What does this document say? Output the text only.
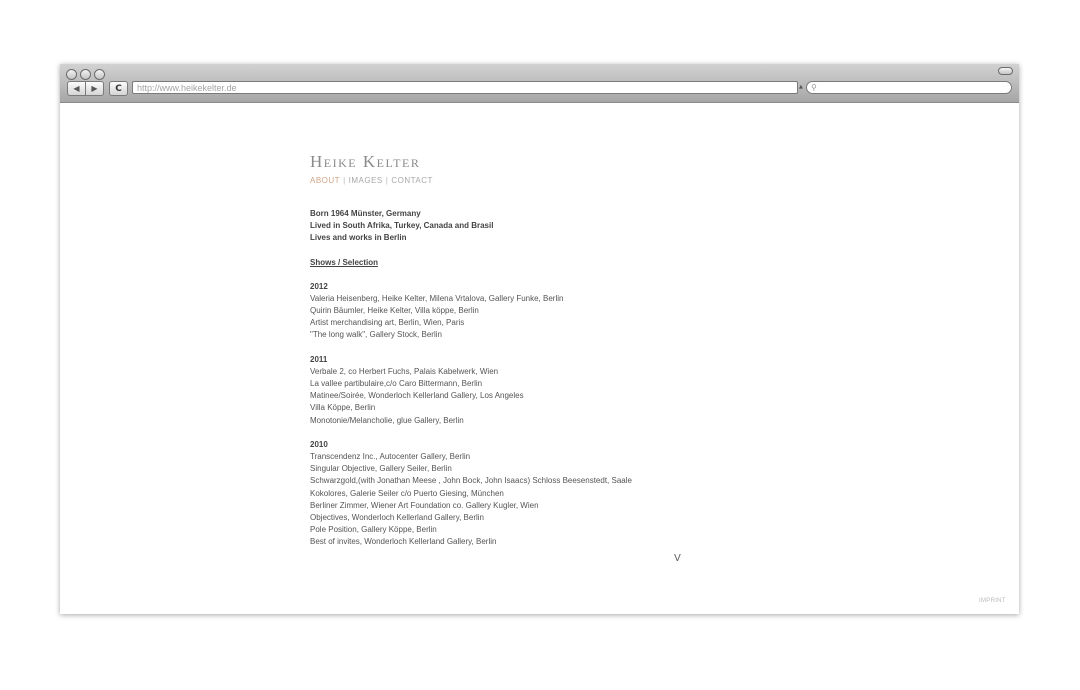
◀ ▶ C	http://www.heikekelter.de	▲ ⚲
Heike Kelter
ABOUT | IMAGES | CONTACT
Born 1964 Münster, Germany
Lived in South Afrika, Turkey, Canada and Brasil
Lives and works in Berlin
Shows / Selection
2012
Valeria Heisenberg, Heike Kelter, Milena Vrtalova, Gallery Funke, Berlin
Quirin Bäumler, Heike Kelter, Villa köppe, Berlin
Artist merchandising art, Berlin, Wien, Paris
"The long walk", Gallery Stock, Berlin
2011
Verbale 2, co Herbert Fuchs, Palais Kabelwerk, Wien
La vallee partibulaire,c/o Caro Bittermann, Berlin
Matinee/Soirée, Wonderloch Kellerland Gallery, Los Angeles
Villa Köppe, Berlin
Monotonie/Melancholie, glue Gallery, Berlin
2010
Transcendenz Inc., Autocenter Gallery, Berlin
Singular Objective, Gallery Seiler, Berlin
Schwarzgold,(with Jonathan Meese , John Bock, John Isaacs) Schloss Beesenstedt, Saale
Kokolores, Galerie Seiler c/o Puerto Giesing, München
Berliner Zimmer, Wiener Art Foundation co. Gallery Kugler, Wien
Objectives, Wonderloch Kellerland Gallery, Berlin
Pole Position, Gallery Köppe, Berlin
Best of invites, Wonderloch Kellerland Gallery, Berlin
V
IMPRINT
